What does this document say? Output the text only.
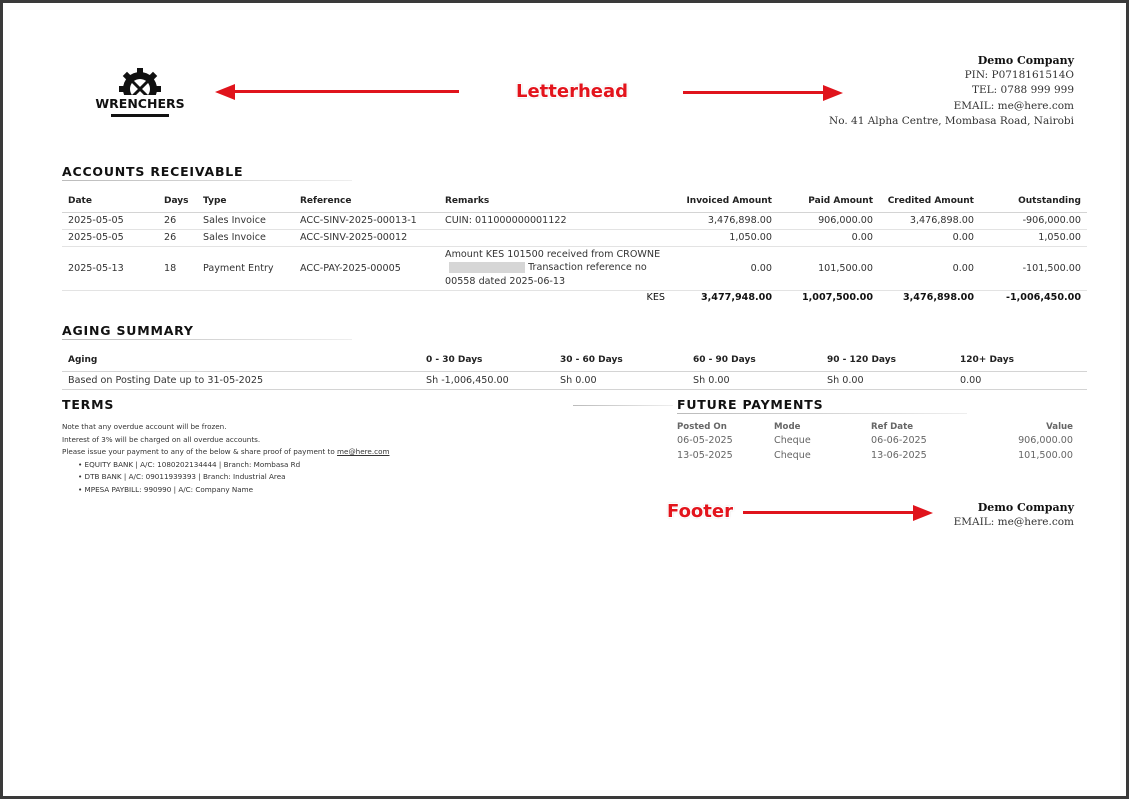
WRENCHERS
Letterhead
Demo Company
PIN: P0718161514O
TEL: 0788 999 999
EMAIL: me@here.com
No. 41 Alpha Centre, Mombasa Road, Nairobi
ACCOUNTS RECEIVABLE
Date	Days	Type	Reference	Remarks	Invoiced Amount	Paid Amount	Credited Amount	Outstanding
2025-05-05	26	Sales Invoice	ACC-SINV-2025-00013-1	CUIN: 011000000001122	3,476,898.00	906,000.00	3,476,898.00	-906,000.00
2025-05-05	26	Sales Invoice	ACC-SINV-2025-00012		1,050.00	0.00	0.00	1,050.00
2025-05-13	18	Payment Entry	ACC-PAY-2025-00005	Amount KES 101500 received from CROWNE
Transaction reference no
00558 dated 2025-06-13	0.00	101,500.00	0.00	-101,500.00
				KES	3,477,948.00	1,007,500.00	3,476,898.00	-1,006,450.00
AGING SUMMARY
Aging	0 - 30 Days	30 - 60 Days	60 - 90 Days	90 - 120 Days	120+ Days
Based on Posting Date up to 31-05-2025	Sh -1,006,450.00	Sh 0.00	Sh 0.00	Sh 0.00	0.00
TERMS
Note that any overdue account will be frozen.
Interest of 3% will be charged on all overdue accounts.
Please issue your payment to any of the below & share proof of payment to me@here.com
• EQUITY BANK | A/C: 1080202134444 | Branch: Mombasa Rd
• DTB BANK | A/C: 09011939393 | Branch: Industrial Area
• MPESA PAYBILL: 990990 | A/C: Company Name
FUTURE PAYMENTS
Posted On	Mode	Ref Date	Value
06-05-2025	Cheque	06-06-2025	906,000.00
13-05-2025	Cheque	13-06-2025	101,500.00
Footer	Demo Company
EMAIL: me@here.com
